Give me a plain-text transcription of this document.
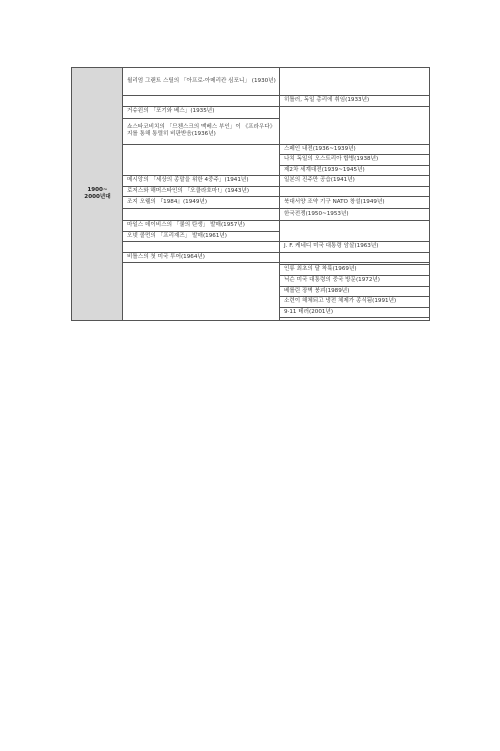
1900~
2000년대	윌리엄 그랜트 스틸의 「아프로-아메리칸 심포니」 (1930년)	
		히틀러, 독일 총리에 취임(1933년)
	거슈윈의 「포기와 베스」(1935년)	
	쇼스타코비치의 「므첸스크의 맥베스 부인」이 《프라우다》지를 통해 통렬히 비판받음(1936년)	
		스페인 내전(1936~1939년)
		나치 독일의 오스트리아 합병(1938년)
		제2차 세계대전(1939~1945년)
	메시앙의 「세상의 종말을 위한 4중주」(1941년)	일본의 진주만 공습(1941년)
	로저스와 해머스타인의 「오클라호마!」(1943년)	
	조지 오웰의 『1984』(1949년)	북대서양 조약 기구 NATO 창설(1949년)
		한국전쟁(1950~1953년)
	마일스 데이비스의 「쿨의 탄생」 발매(1957년)	
	오넷 콜먼의 「프리재즈」 발매(1961년)	
		J. F. 케네디 미국 대통령 암살(1963년)
	비틀스의 첫 미국 투어(1964년)	

		인류 최초의 달 착륙(1969년)
		닉슨 미국 대통령의 중국 방문(1972년)
		베를린 장벽 붕괴(1989년)
		소련이 해체되고 냉전 체제가 종식됨(1991년)
		9·11 테러(2001년)
